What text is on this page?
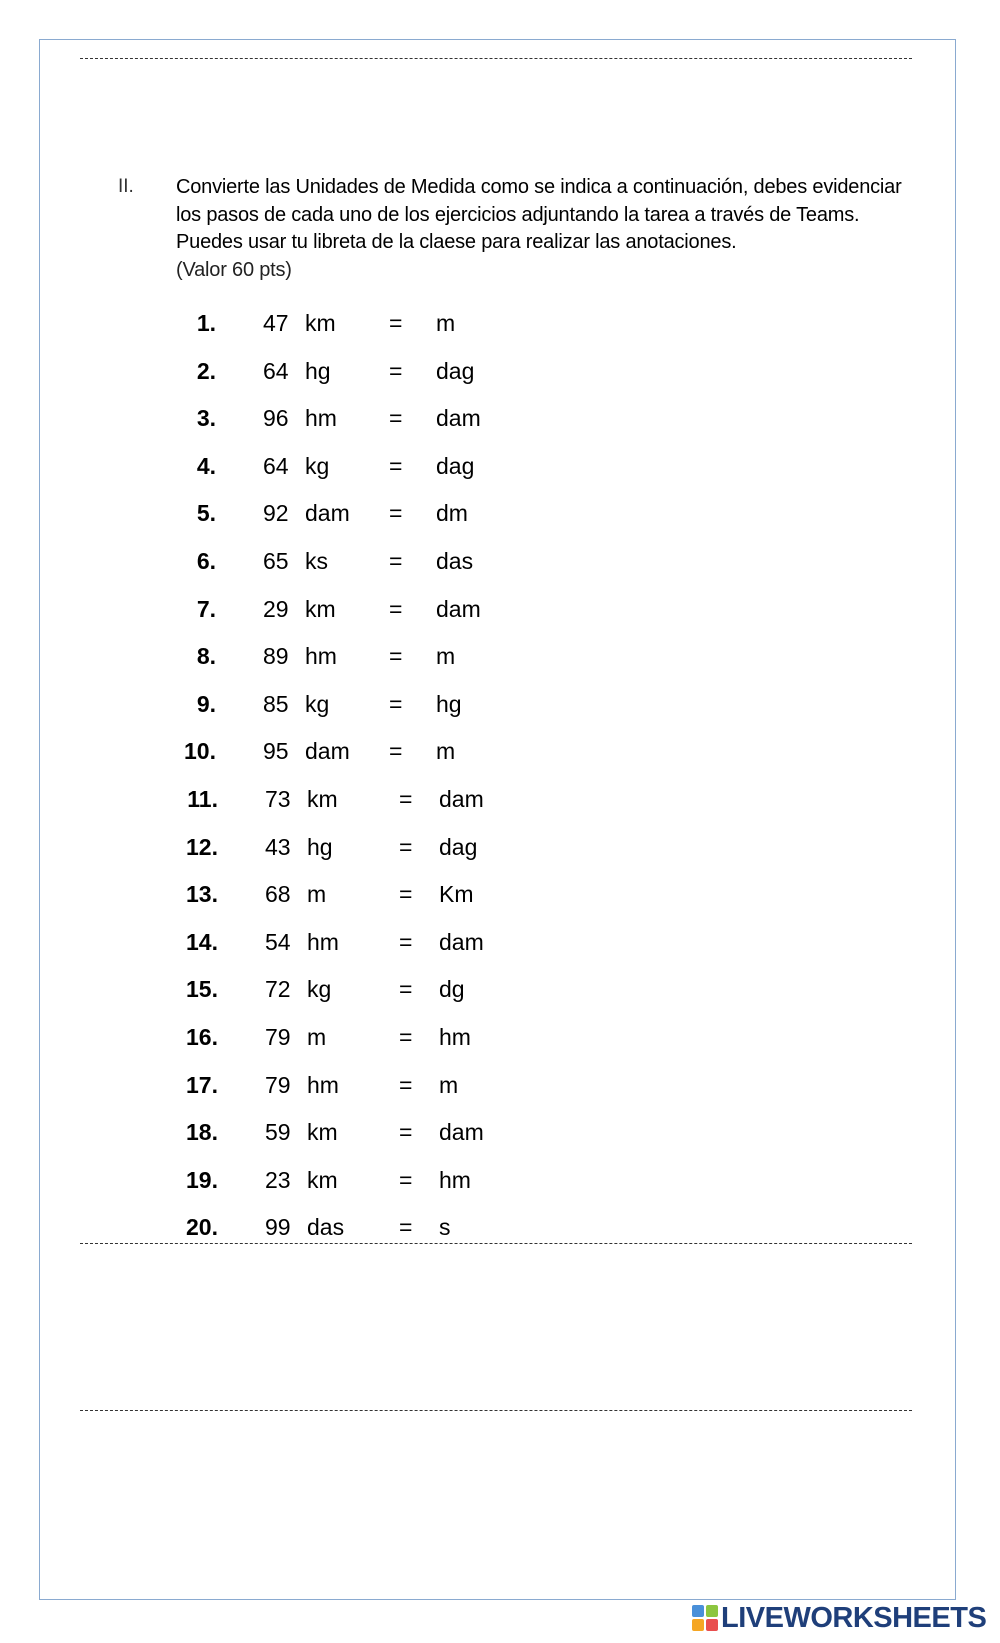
II. Convierte las Unidades de Medida como se indica a continuación, debes evidenciar los pasos de cada uno de los ejercicios adjuntando la tarea a través de Teams. Puedes usar tu libreta de la claese para realizar las anotaciones.
(Valor 60 pts)
1. 47 km = m
2. 64 hg	= dag
3. 96 hm = dam
4. 64 kg	= dag
5. 92 dam = dm
6. 65 ks	= das
7. 29 km = dam
8. 89 hm = m
9. 85 kg	= hg
10. 95 dam = m
11. 73 km	= dam
12. 43 hg	= dag
13. 68 m	= Km
14. 54 hm	= dam
15. 72 kg	= dg
16. 79 m	= hm
17. 79 hm	= m
18. 59 km	= dam
19. 23 km	= hm
20. 99 das = s
LIVEWORKSHEETS
